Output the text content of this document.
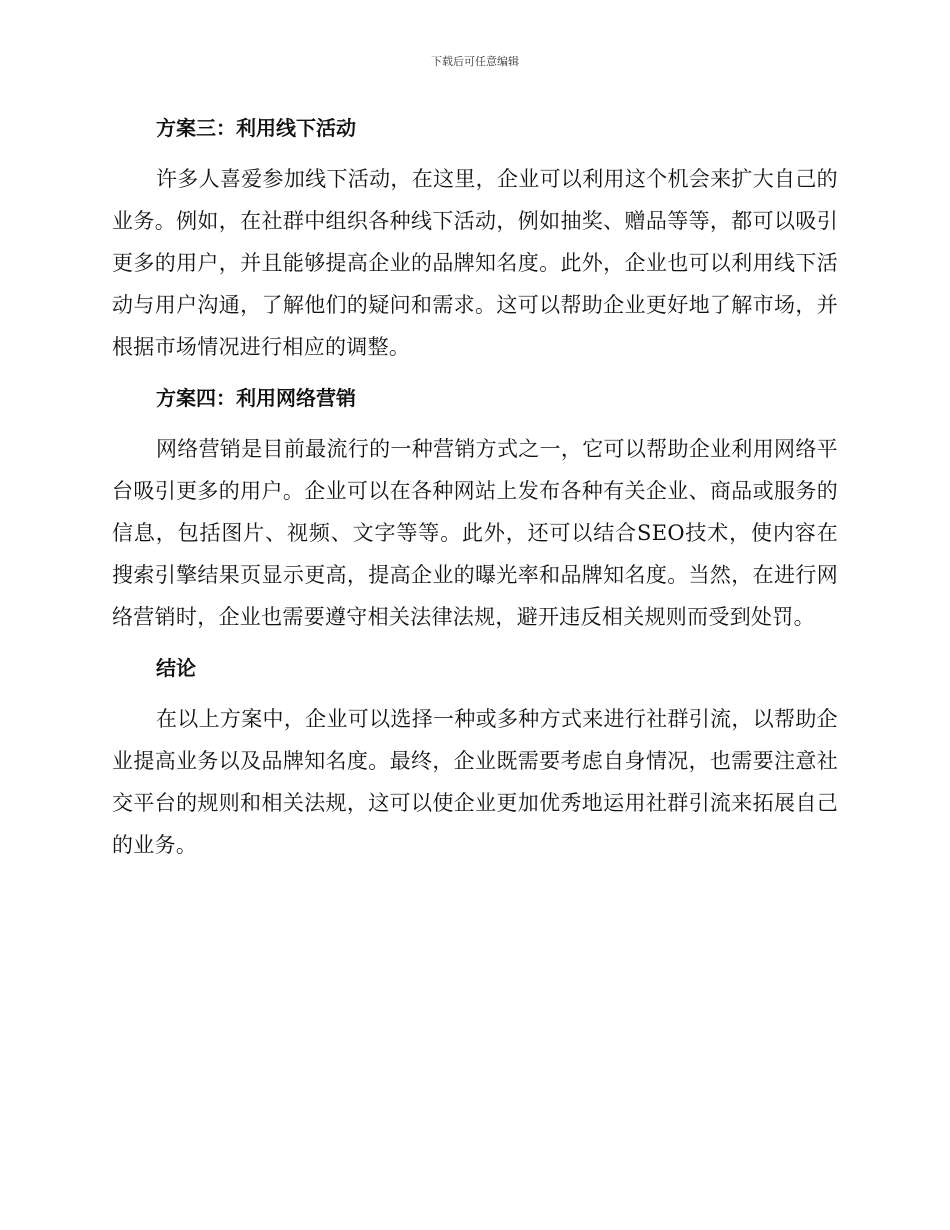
下载后可任意编辑
方案三：利用线下活动

许多人喜爱参加线下活动，在这里，企业可以利用这个机会来扩大自己的业务。例如，在社群中组织各种线下活动，例如抽奖、赠品等等，都可以吸引更多的用户，并且能够提高企业的品牌知名度。此外，企业也可以利用线下活动与用户沟通，了解他们的疑问和需求。这可以帮助企业更好地了解市场，并根据市场情况进行相应的调整。

方案四：利用网络营销

网络营销是目前最流行的一种营销方式之一，它可以帮助企业利用网络平台吸引更多的用户。企业可以在各种网站上发布各种有关企业、商品或服务的信息，包括图片、视频、文字等等。此外，还可以结合SEO技术，使内容在搜索引擎结果页显示更高，提高企业的曝光率和品牌知名度。当然，在进行网络营销时，企业也需要遵守相关法律法规，避开违反相关规则而受到处罚。

结论

在以上方案中，企业可以选择一种或多种方式来进行社群引流，以帮助企业提高业务以及品牌知名度。最终，企业既需要考虑自身情况，也需要注意社交平台的规则和相关法规，这可以使企业更加优秀地运用社群引流来拓展自己的业务。
